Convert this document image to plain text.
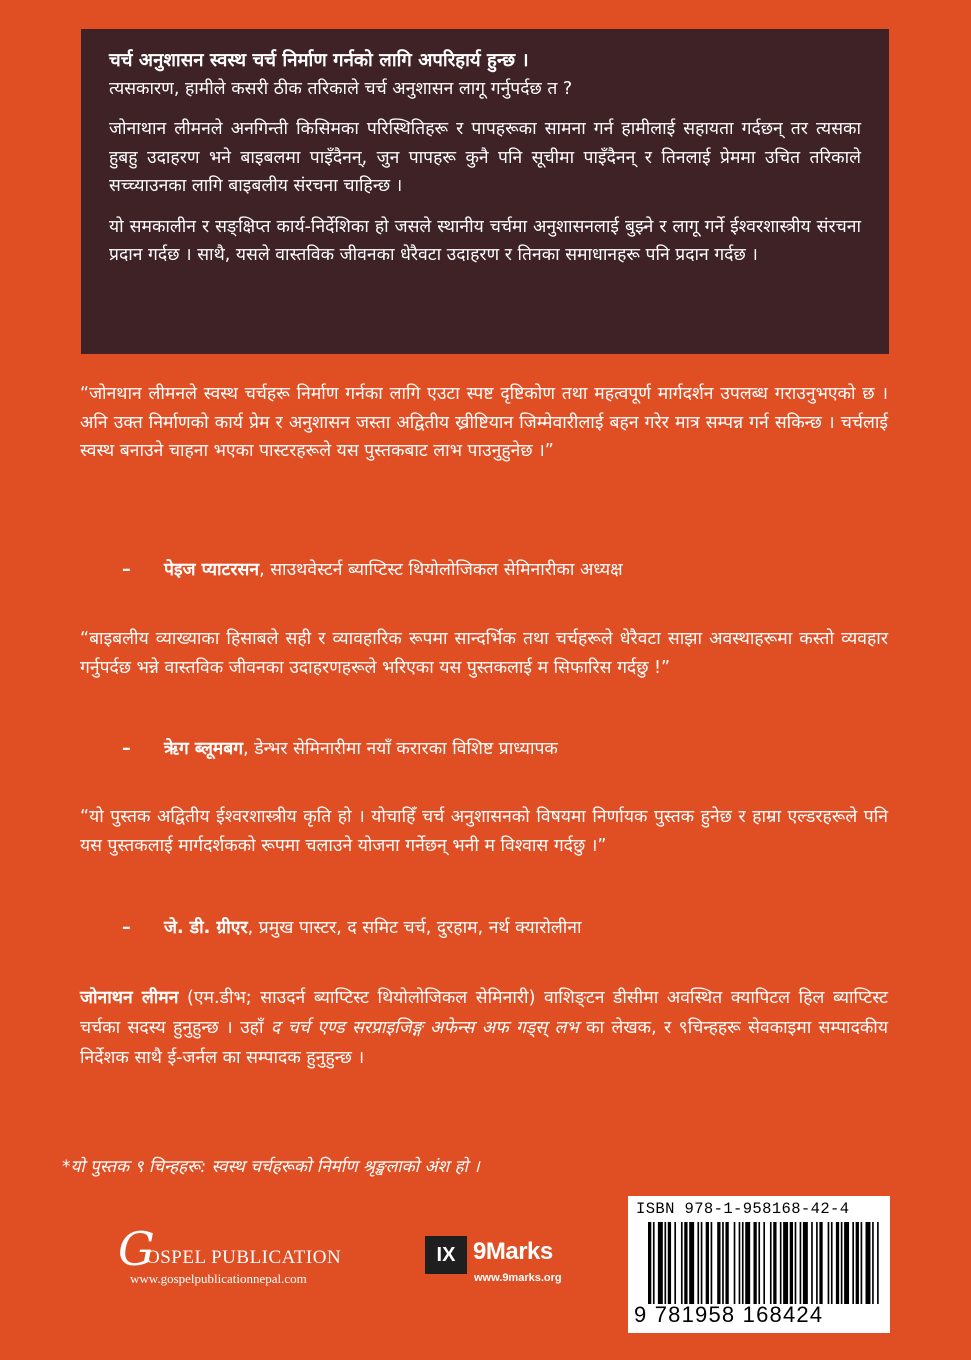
चर्च अनुशासन स्वस्थ चर्च निर्माण गर्नको लागि अपरिहार्य हुन्छ ।

त्यसकारण, हामीले कसरी ठीक तरिकाले चर्च अनुशासन लागू गर्नुपर्दछ त ?

जोनाथान लीमनले अनगिन्ती किसिमका परिस्थितिहरू र पापहरूका सामना गर्न हामीलाई सहायता गर्दछन् तर त्यसका हुबहु उदाहरण भने बाइबलमा पाइँदैनन्, जुन पापहरू कुनै पनि सूचीमा पाइँदैनन् र तिनलाई प्रेममा उचित तरिकाले सच्च्याउनका लागि बाइबलीय संरचना चाहिन्छ ।

यो समकालीन र सङ्क्षिप्त कार्य-निर्देशिका हो जसले स्थानीय चर्चमा अनुशासनलाई बुझ्ने र लागू गर्ने ईश्वरशास्त्रीय संरचना प्रदान गर्दछ । साथै, यसले वास्तविक जीवनका धेरैवटा उदाहरण र तिनका समाधानहरू पनि प्रदान गर्दछ ।

“जोनथान लीमनले स्वस्थ चर्चहरू निर्माण गर्नका लागि एउटा स्पष्ट दृष्टिकोण तथा महत्वपूर्ण मार्गदर्शन उपलब्ध गराउनुभएको छ । अनि उक्त निर्माणको कार्य प्रेम र अनुशासन जस्ता अद्वितीय ख्रीष्टियान जिम्मेवारीलाई बहन गरेर मात्र सम्पन्न गर्न सकिन्छ । चर्चलाई स्वस्थ बनाउने चाहना भएका पास्टरहरूले यस पुस्तकबाट लाभ पाउनुहुनेछ ।”

– पेइज प्याटरसन, साउथवेस्टर्न ब्याप्टिस्ट थियोलोजिकल सेमिनारीका अध्यक्ष

“बाइबलीय व्याख्याका हिसाबले सही र व्यावहारिक रूपमा सान्दर्भिक तथा चर्चहरूले धेरैवटा साझा अवस्थाहरूमा कस्तो व्यवहार गर्नुपर्दछ भन्ने वास्तविक जीवनका उदाहरणहरूले भरिएका यस पुस्तकलाई म सिफारिस गर्दछु !”

– ऋेग ब्लूमबग, डेन्भर सेमिनारीमा नयाँ करारका विशिष्ट प्राध्यापक

“यो पुस्तक अद्वितीय ईश्वरशास्त्रीय कृति हो । योचाहिँ चर्च अनुशासनको विषयमा निर्णायक पुस्तक हुनेछ र हाम्रा एल्डरहरूले पनि यस पुस्तकलाई मार्गदर्शकको रूपमा चलाउने योजना गर्नेछन् भनी म विश्वास गर्दछु ।”

– जे. डी. ग्रीएर, प्रमुख पास्टर, द समिट चर्च, दुरहाम, नर्थ क्यारोलीना

जोनाथन लीमन (एम.डीभ; साउदर्न ब्याप्टिस्ट थियोलोजिकल सेमिनारी) वाशिङ्टन डीसीमा अवस्थित क्यापिटल हिल ब्याप्टिस्ट चर्चका सदस्य हुनुहुन्छ । उहाँ द चर्च एण्ड सरप्राइजिङ्ग अफेन्स अफ गड्स् लभ का लेखक, र ९चिन्हहरू सेवकाइमा सम्पादकीय निर्देशक साथै ई-जर्नल का सम्पादक हुनुहुन्छ ।

*यो पुस्तक ९ चिन्हहरू: स्वस्थ चर्चहरूको निर्माण श्रृङ्खलाको अंश हो ।
G
OSPEL PUBLICATION
www.gospelpublicationnepal.com
IX 9Marks
www.9marks.org
ISBN 978-1-958168-42-4
9 781958 168424
